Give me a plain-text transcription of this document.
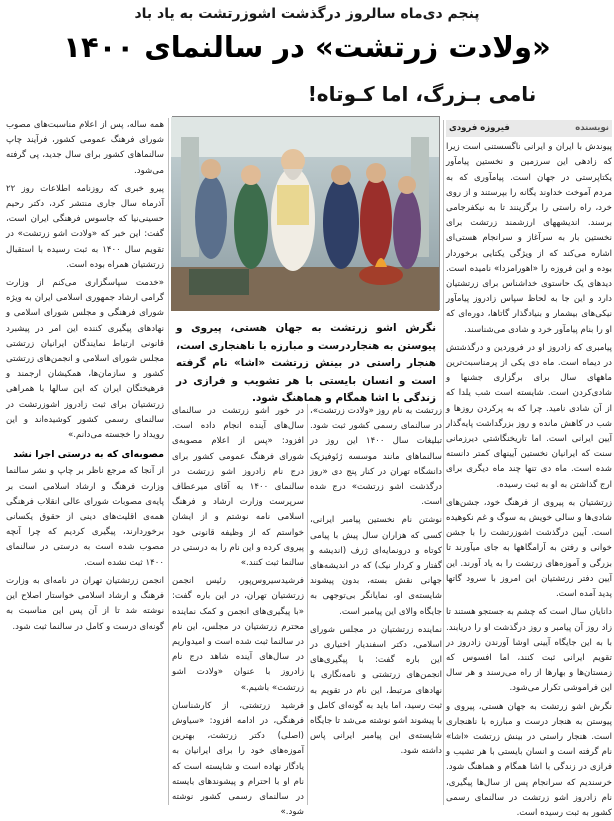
پنجم دی‌ماه سالروز درگذشت اشوزرتشت به یاد باد
«ولادت زرتشت» در سالنمای ۱۴۰۰
نامی بـزرگ، اما کـوتاه!
نویسنده
فیروزه فرودی

پیوندش با ایران و ایرانی ناگسستنی است زیرا که زادهی این سرزمین و نخستین پیامآور یکتاپرستی در جهان است. پیامآوری که به مردم آموخت خداوند یگانه را بپرستند و از روی خرد، راه راستی را برگزینند تا به نیکفرجامی برسند. اندیشههای ارزشمند زرتشت برای نخستین بار به سرآغاز و سرانجام هستی‌ای اشاره می‌کند که از ویژگی یکتایی برخوردار بوده و این فروزه را «اهورامزدا» نامیده است. دیدهای یک حاستوی خداشناس برای زرتشتیان دارد و این جا به لحاظ سپاس زادروز پیامآور نیکی‌های بیشمار و بنیادگذار گاتاها، دوره‌ای که او را بنام پیامآور خرد و شادی می‌شناسند.

پیامبری که زادروز او در فروردین و درگذشتش در دیماه است. ماه دی یکی از پرمناسبت‌ترین ماههای سال برای برگزاری جشنها و شادی‌کردن است. شایسته است شب یلدا که از آن شادی نامید. چرا که به پرکردن روزها و شب در کاهش مانده و روز بزرگداشت پایه‌گذار آیین ایرانی است. اما تاریخنگاشتی دیرزمانی سنت که ایرانیان نخستین آیینهای کمتر دانسته شده است. ماه دی تنها چند ماه دیگری برای ارج گذاشتن به او به ثبت رسیده.

زرتشتیان به پیروی از فرهنگ خود، جشن‌های شادی‌ها و سالی خویش به سوگ و غم نکوهیده است. آیین درگذشت اشوزرتشت را با جشن خوانی و رفتن به آرامگاهها به جای میآورند تا بزرگی و آموزه‌های زرتشت را به یاد آورند. این آیین دفتر زرتشتیان این امروز با سرود گاتها پدید آمده است.

دانایان سال است که چشم به جستجو هستند تا زاد روز آن پیامبر و روز درگذشت او را دریابند. با به این جایگاه آیینی اوشا آورندن زادروز در تقویم ایرانی ثبت کنند، اما افسوس که زمستان‌ها و بهارها از راه می‌رسند و هر سال این فراموشی تکرار می‌شود.

نگرش اشو زرتشت به جهان هستی، پیروی و پیوستن به هنجار درست و مبارزه با ناهنجاری است. هنجار راستی در بینش زرتشت «اشا» نام گرفته است و انسان بایستی با هر تشیب و فرازی در زندگی با اشا همگام و هماهنگ شود. خرسندیم که سرانجام پس از سال‌ها پیگیری، نام زادروز اشو زرتشت در سالنمای رسمی کشور به ثبت رسیده است.

نگرش اشو زرتشت به جهان هستی، پیروی و پیوستن به هنجاردرست و مبارزه با ناهنجاری است، هنجار راستی در بینش زرتشت «اشا» نام گرفته است و انسان بایستی با هر تشویب و فرازی در زندگی با اشا همگام و هماهنگ شود.

زرتشت به نام روز «ولادت زرتشت»، در سالنمای رسمی کشور ثبت شود. تبلیغات سال ۱۴۰۰ این روز در سالنماهای مانند موسسه ژئوفیزیک دانشگاه تهران در کنار پنج دی «روز درگذشت اشو زرتشت» درج شده است.

نوشتن نام نخستین پیامبر ایرانی، کسی که هزاران سال پیش با پیامی کوتاه و درونمایه‌ای ژرف (اندیشه و گفتار و کردار نیک) که در اندیشه‌های جهانی نقش بسته، بدون پیشوند شایسته‌ی او، نمایانگر بی‌توجهی به جایگاه والای این پیامبر است.

نماینده زرتشتیان در مجلس شورای اسلامی، دکتر اسفندیار اختیاری در این باره گفت: با پیگیری‌های انجمن‌های زرتشتی و نامه‌نگاری با نهادهای مرتبط، این نام در تقویم به ثبت رسید، اما باید به گونه‌ای کامل و با پیشوند اشو نوشته می‌شد تا جایگاه شایسته‌ی این پیامبر ایرانی پاس داشته شود.

در خور اشو زرتشت در سالنمای سال‌های آینده انجام داده است. افزود: «پس از اعلام مصوبه‌ی شورای فرهنگ عمومی کشور برای درج نام زادروز اشو زرتشت در سالنمای ۱۴۰۰ به آقای میرعطاف سرپرست وزارت ارشاد و فرهنگ اسلامی نامه نوشتم و از ایشان خواستم که از وظیفه قانونی خود پیروی کرده و این نام را به درستی در سالنما ثبت کنند.»

فرشیدسیروس‌پور، رئیس انجمن زرتشتیان تهران، در این باره گفت: «با پیگیری‌های انجمن و کمک نماینده محترم زرتشتیان در مجلس، این نام در سالنما ثبت شده است و امیدواریم در سال‌های آینده شاهد درج نام زادروز با عنوان «ولادت اشو زرتشت» باشیم.»

فرشید زرتشتی، از کارشناسان فرهنگی، در ادامه افزود: «سیاوش (اصلی) دکتر زرتشت، بهترین آموزه‌های خود را برای ایرانیان به یادگار نهاده است و شایسته است که نام او با احترام و پیشوندهای بایسته در سالنمای رسمی کشور نوشته شود.»

همه ساله، پس از اعلام مناسبت‌های مصوب شورای فرهنگ عمومی کشور، فرآیند چاپ سالنماهای کشور برای سال جدید، پی گرفته می‌شود.

پیرو خبری که روزنامه اطلاعات روز ۲۲ آذرماه سال جاری منتشر کرد، دکتر رحیم حسینی‌نیا که جاسوس فرهنگی ایران است، گفت: این خبر که «ولادت اشو زرتشت» در تقویم سال ۱۴۰۰ به ثبت رسیده با استقبال زرتشتیان همراه بوده است.

«خدمت سپاسگزاری می‌کنم از وزارت گرامی ارشاد جمهوری اسلامی ایران به ویژه شورای فرهنگی و مجلس شورای اسلامی و نهادهای پیگیری کننده این امر در پیشبرد قانونی ارتباط نمایندگان ایرانیان زرتشتی مجلس شورای اسلامی و انجمن‌های زرتشتی کشور و سازمان‌ها، همکیشان ارجمند و فرهیختگان ایران که این سالها با همراهی زرتشتیان برای ثبت زادروز اشوزرتشت در سالنمای رسمی کشور کوشیده‌اند و این رویداد را خجسته می‌دانم.»

مصوبه‌ای که به درستی اجرا نشد

از آنجا که مرجع ناظر بر چاپ و نشر سالنما وزارت فرهنگ و ارشاد اسلامی است بر پایه‌ی مصوبات شورای عالی انقلاب فرهنگی همه‌ی اقلیت‌های دینی از حقوق یکسانی برخوردارند، پیگیری کردیم که چرا آنچه مصوب شده است به درستی در سالنمای ۱۴۰۰ ثبت نشده است.

انجمن زرتشتیان تهران در نامه‌ای به وزارت فرهنگ و ارشاد اسلامی خواستار اصلاح این نوشته شد تا از آن پس این مناسبت به گونه‌ای درست و کامل در سالنما ثبت شود.
